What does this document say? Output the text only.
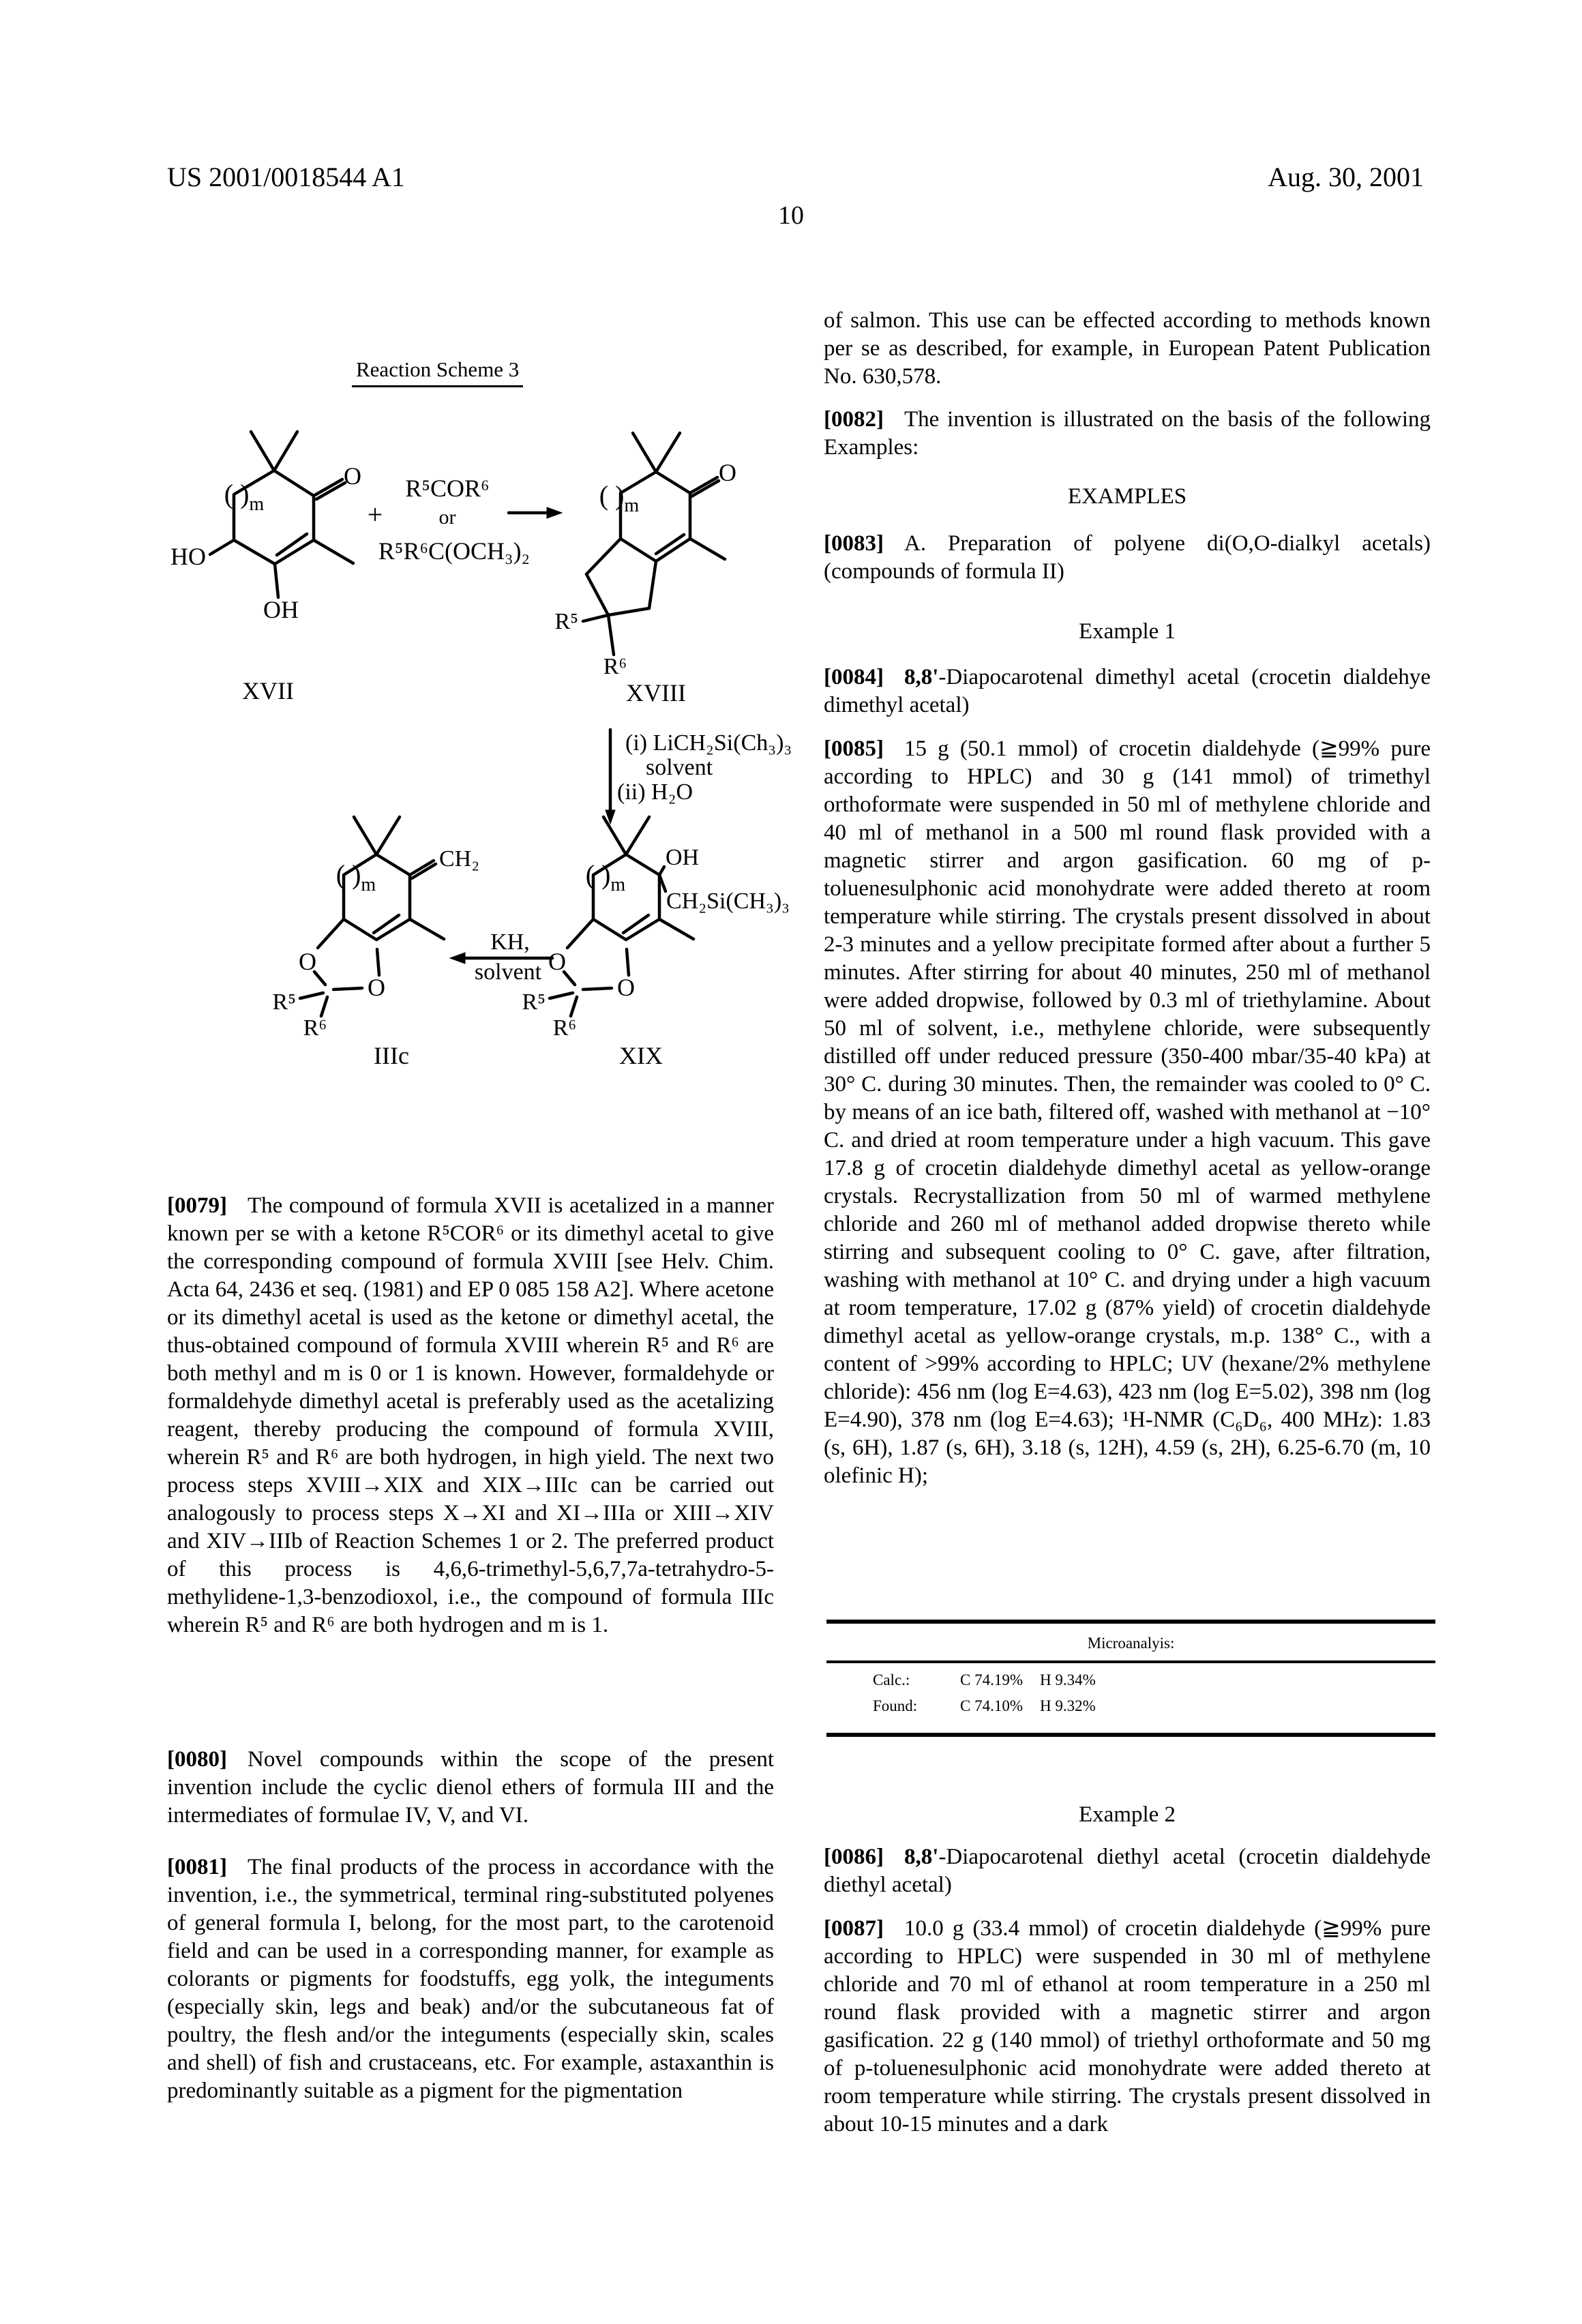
US 2001/0018544 A1	Aug. 30, 2001
10
Reaction Scheme 3
O
HO
OH
( )$_m$
XVII
+
R⁵COR⁶
or
R⁵R⁶C(OCH₃)₂
O
R⁵
R⁶
( )$_m$
XVIII
(i) LiCH₂Si(Ch₃)₃
solvent
(ii) H₂O
OH
CH₂Si(CH₃)₃
( )$_m$
O
O
R⁵
R⁶
XIX
KH,
solvent
CH₂
( )$_m$
O
O
R⁵
R⁶
IIIc
[0079] The compound of formula XVII is acetalized in a manner known per se with a ketone R⁵COR⁶ or its dimethyl acetal to give the corresponding compound of formula XVIII [see Helv. Chim. Acta 64, 2436 et seq. (1981) and EP 0 085 158 A2]. Where acetone or its dimethyl acetal is used as the ketone or dimethyl acetal, the thus-obtained compound of formula XVIII wherein R⁵ and R⁶ are both methyl and m is 0 or 1 is known. However, formaldehyde or formaldehyde dimethyl acetal is preferably used as the acetalizing reagent, thereby producing the compound of formula XVIII, wherein R⁵ and R⁶ are both hydrogen, in high yield. The next two process steps XVIII→XIX and XIX→IIIc can be carried out analogously to process steps X→XI and XI→IIIa or XIII→XIV and XIV→IIIb of Reaction Schemes 1 or 2. The preferred product of this process is 4,6,6-trimethyl-5,6,7,7a-tetrahydro-5-methylidene-1,3-benzodioxol, i.e., the compound of formula IIIc wherein R⁵ and R⁶ are both hydrogen and m is 1.
[0080] Novel compounds within the scope of the present invention include the cyclic dienol ethers of formula III and the intermediates of formulae IV, V, and VI.
[0081] The final products of the process in accordance with the invention, i.e., the symmetrical, terminal ring-substituted polyenes of general formula I, belong, for the most part, to the carotenoid field and can be used in a corresponding manner, for example as colorants or pigments for foodstuffs, egg yolk, the integuments (especially skin, legs and beak) and/or the subcutaneous fat of poultry, the flesh and/or the integuments (especially skin, scales and shell) of fish and crustaceans, etc. For example, astaxanthin is predominantly suitable as a pigment for the pigmentation
of salmon. This use can be effected according to methods known per se as described, for example, in European Patent Publication No. 630,578.
[0082] The invention is illustrated on the basis of the following Examples:
EXAMPLES
[0083] A. Preparation of polyene di(O,O-dialkyl acetals) (compounds of formula II)
Example 1
[0084] 8,8'-Diapocarotenal dimethyl acetal (crocetin dialdehye dimethyl acetal)
[0085] 15 g (50.1 mmol) of crocetin dialdehyde (≧99% pure according to HPLC) and 30 g (141 mmol) of trimethyl orthoformate were suspended in 50 ml of methylene chloride and 40 ml of methanol in a 500 ml round flask provided with a magnetic stirrer and argon gasification. 60 mg of p-toluenesulphonic acid monohydrate were added thereto at room temperature while stirring. The crystals present dissolved in about 2-3 minutes and a yellow precipitate formed after about a further 5 minutes. After stirring for about 40 minutes, 250 ml of methanol were added dropwise, followed by 0.3 ml of triethylamine. About 50 ml of solvent, i.e., methylene chloride, were subsequently distilled off under reduced pressure (350-400 mbar/35-40 kPa) at 30° C. during 30 minutes. Then, the remainder was cooled to 0° C. by means of an ice bath, filtered off, washed with methanol at −10° C. and dried at room temperature under a high vacuum. This gave 17.8 g of crocetin dialdehyde dimethyl acetal as yellow-orange crystals. Recrystallization from 50 ml of warmed methylene chloride and 260 ml of methanol added dropwise thereto while stirring and subsequent cooling to 0° C. gave, after filtration, washing with methanol at 10° C. and drying under a high vacuum at room temperature, 17.02 g (87% yield) of crocetin dialdehyde dimethyl acetal as yellow-orange crystals, m.p. 138° C., with a content of >99% according to HPLC; UV (hexane/2% methylene chloride): 456 nm (log E=4.63), 423 nm (log E=5.02), 398 nm (log E=4.90), 378 nm (log E=4.63); ¹H-NMR (C₆D₆, 400 MHz): 1.83 (s, 6H), 1.87 (s, 6H), 3.18 (s, 12H), 4.59 (s, 2H), 6.25-6.70 (m, 10 olefinic H);
Microanalyis:
Calc.:	C 74.19% H 9.34%
Found:	C 74.10% H 9.32%
Example 2
[0086] 8,8'-Diapocarotenal diethyl acetal (crocetin dialdehyde diethyl acetal)
[0087] 10.0 g (33.4 mmol) of crocetin dialdehyde (≧99% pure according to HPLC) were suspended in 30 ml of methylene chloride and 70 ml of ethanol at room temperature in a 250 ml round flask provided with a magnetic stirrer and argon gasification. 22 g (140 mmol) of triethyl orthoformate and 50 mg of p-toluenesulphonic acid monohydrate were added thereto at room temperature while stirring. The crystals present dissolved in about 10-15 minutes and a dark
